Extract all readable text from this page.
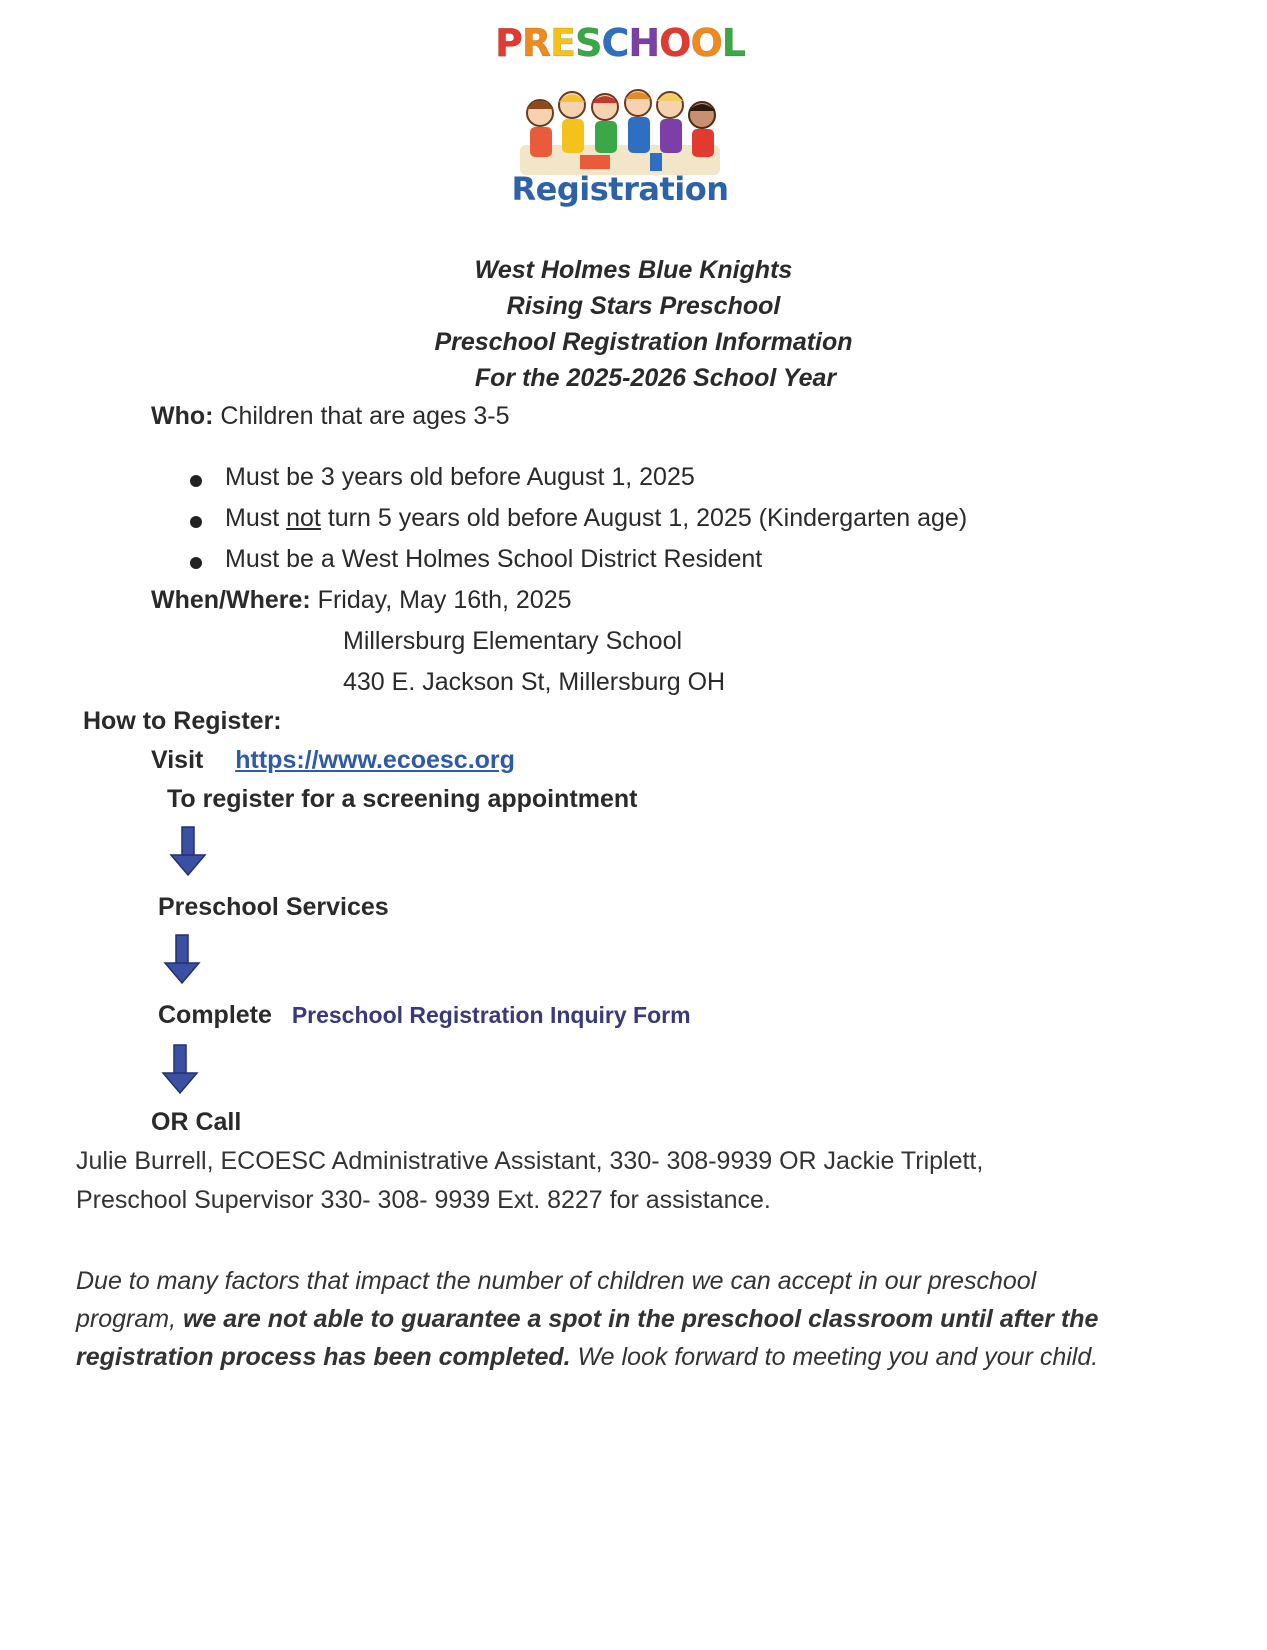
PRESCHOOL
Registration
West Holmes Blue Knights
Rising Stars Preschool
Preschool Registration Information
For the 2025-2026 School Year
Who: Children that are ages 3-5
Must be 3 years old before August 1, 2025
Must not turn 5 years old before August 1, 2025 (Kindergarten age)
Must be a West Holmes School District Resident
When/Where: Friday, May 16th, 2025
Millersburg Elementary School
430 E. Jackson St, Millersburg OH
How to Register:
Visit https://www.ecoesc.org
To register for a screening appointment
Preschool Services
Complete Preschool Registration Inquiry Form
OR Call
Julie Burrell, ECOESC Administrative Assistant, 330- 308-9939 OR Jackie Triplett,
Preschool Supervisor 330- 308- 9939 Ext. 8227 for assistance.
Due to many factors that impact the number of children we can accept in our preschool
program, we are not able to guarantee a spot in the preschool classroom until after the
registration process has been completed. We look forward to meeting you and your child.
